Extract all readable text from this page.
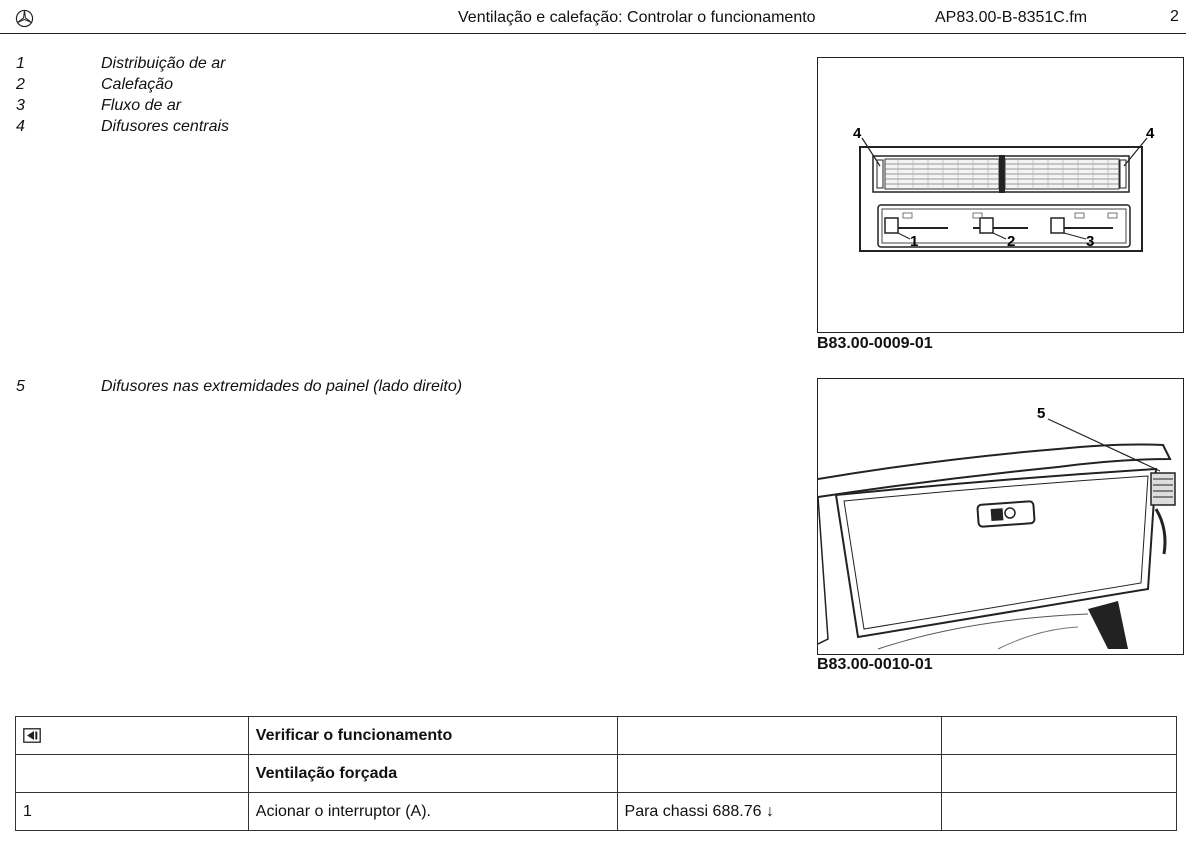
Ventilação e calefação: Controlar o funcionamento	AP83.00-B-8351C.fm	2
1	Distribuição de ar
2	Calefação
3	Fluxo de ar
4	Difusores centrais
5	Difusores nas extremidades do painel (lado direito)
4	4
1	2	3
B83.00-0009-01
5
B83.00-0010-01
	Verificar o funcionamento		
	Ventilação forçada		
1	Acionar o interruptor (A).	Para chassi 688.76 ↓	
